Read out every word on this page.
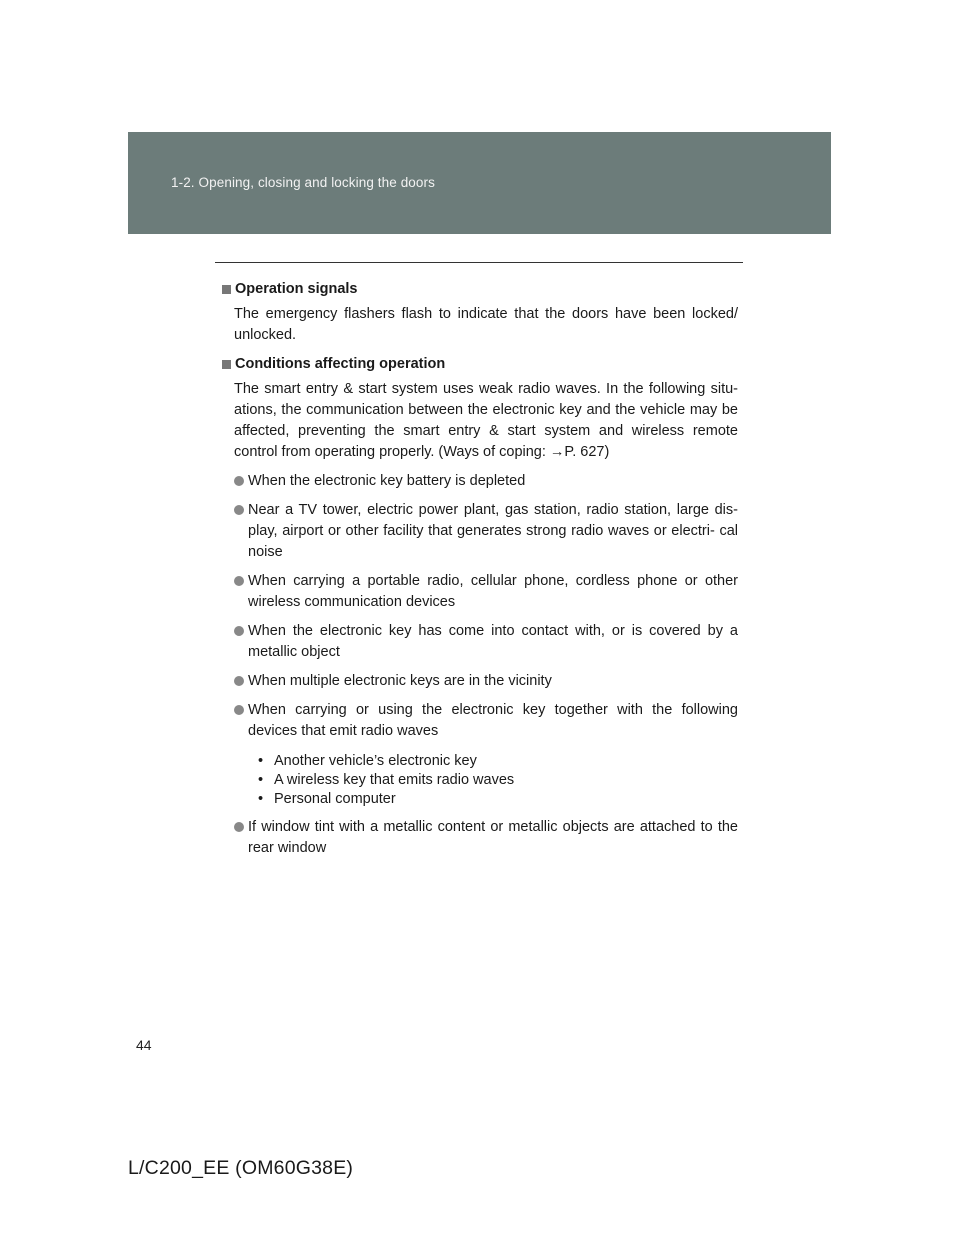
1-2. Opening, closing and locking the doors

Operation signals

The emergency flashers flash to indicate that the doors have been locked/ unlocked.

Conditions affecting operation

The smart entry & start system uses weak radio waves. In the following situ- ations, the communication between the electronic key and the vehicle may be affected, preventing the smart entry & start system and wireless remote control from operating properly. (Ways of coping: →P. 627)

When the electronic key battery is depleted
Near a TV tower, electric power plant, gas station, radio station, large dis- play, airport or other facility that generates strong radio waves or electri- cal noise
When carrying a portable radio, cellular phone, cordless phone or other wireless communication devices
When the electronic key has come into contact with, or is covered by a metallic object
When multiple electronic keys are in the vicinity
When carrying or using the electronic key together with the following devices that emit radio waves
• Another vehicle’s electronic key
• A wireless key that emits radio waves
• Personal computer
If window tint with a metallic content or metallic objects are attached to the rear window
44
L/C200_EE (OM60G38E)
